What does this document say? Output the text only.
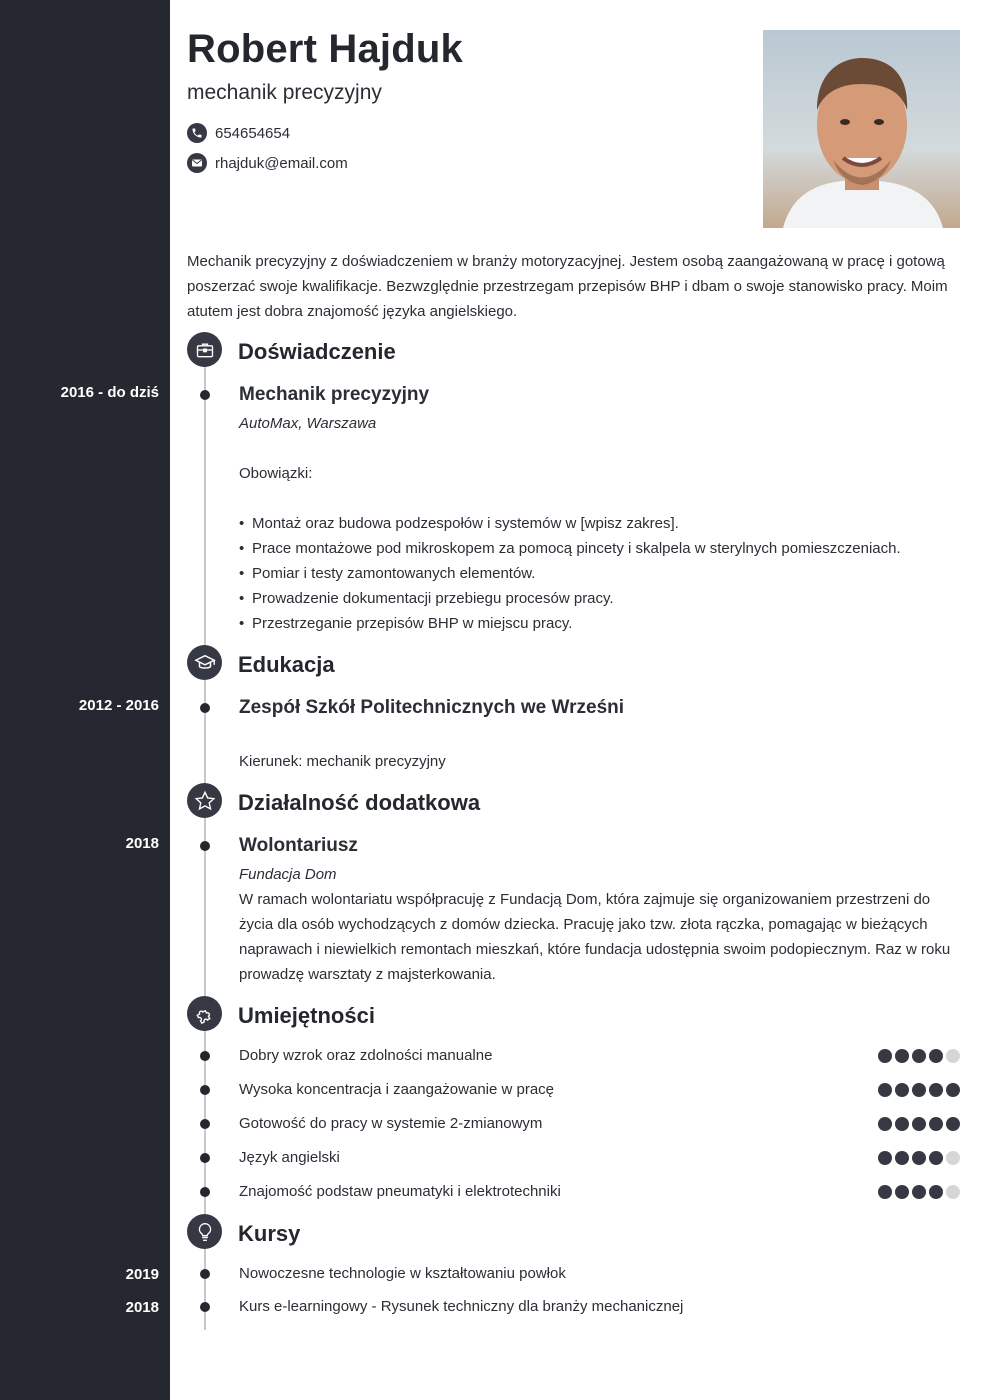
Robert Hajduk
mechanik precyzyjny
654654654
rhajduk@email.com
Mechanik precyzyjny z doświadczeniem w branży motoryzacyjnej. Jestem osobą zaangażowaną w pracę i gotową poszerzać swoje kwalifikacje. Bezwzględnie przestrzegam przepisów BHP i dbam o swoje stanowisko pracy. Moim atutem jest dobra znajomość języka angielskiego.
Doświadczenie
2016 - do dziś	Mechanik precyzyjny
AutoMax, Warszawa
Obowiązki:
• Montaż oraz budowa podzespołów i systemów w [wpisz zakres].
• Prace montażowe pod mikroskopem za pomocą pincety i skalpela w sterylnych pomieszczeniach.
• Pomiar i testy zamontowanych elementów.
• Prowadzenie dokumentacji przebiegu procesów pracy.
• Przestrzeganie przepisów BHP w miejscu pracy.
Edukacja
2012 - 2016	Zespół Szkół Politechnicznych we Wrześni
Kierunek: mechanik precyzyjny
Działalność dodatkowa
2018	Wolontariusz
Fundacja Dom
W ramach wolontariatu współpracuję z Fundacją Dom, która zajmuje się organizowaniem przestrzeni do życia dla osób wychodzących z domów dziecka. Pracuję jako tzw. złota rączka, pomagając w bieżących naprawach i niewielkich remontach mieszkań, które fundacja udostępnia swoim podopiecznym. Raz w roku prowadzę warsztaty z majsterkowania.
Umiejętności
Dobry wzrok oraz zdolności manualne
Wysoka koncentracja i zaangażowanie w pracę
Gotowość do pracy w systemie 2-zmianowym
Język angielski
Znajomość podstaw pneumatyki i elektrotechniki
Kursy
2019	Nowoczesne technologie w kształtowaniu powłok
2018	Kurs e-learningowy - Rysunek techniczny dla branży mechanicznej
